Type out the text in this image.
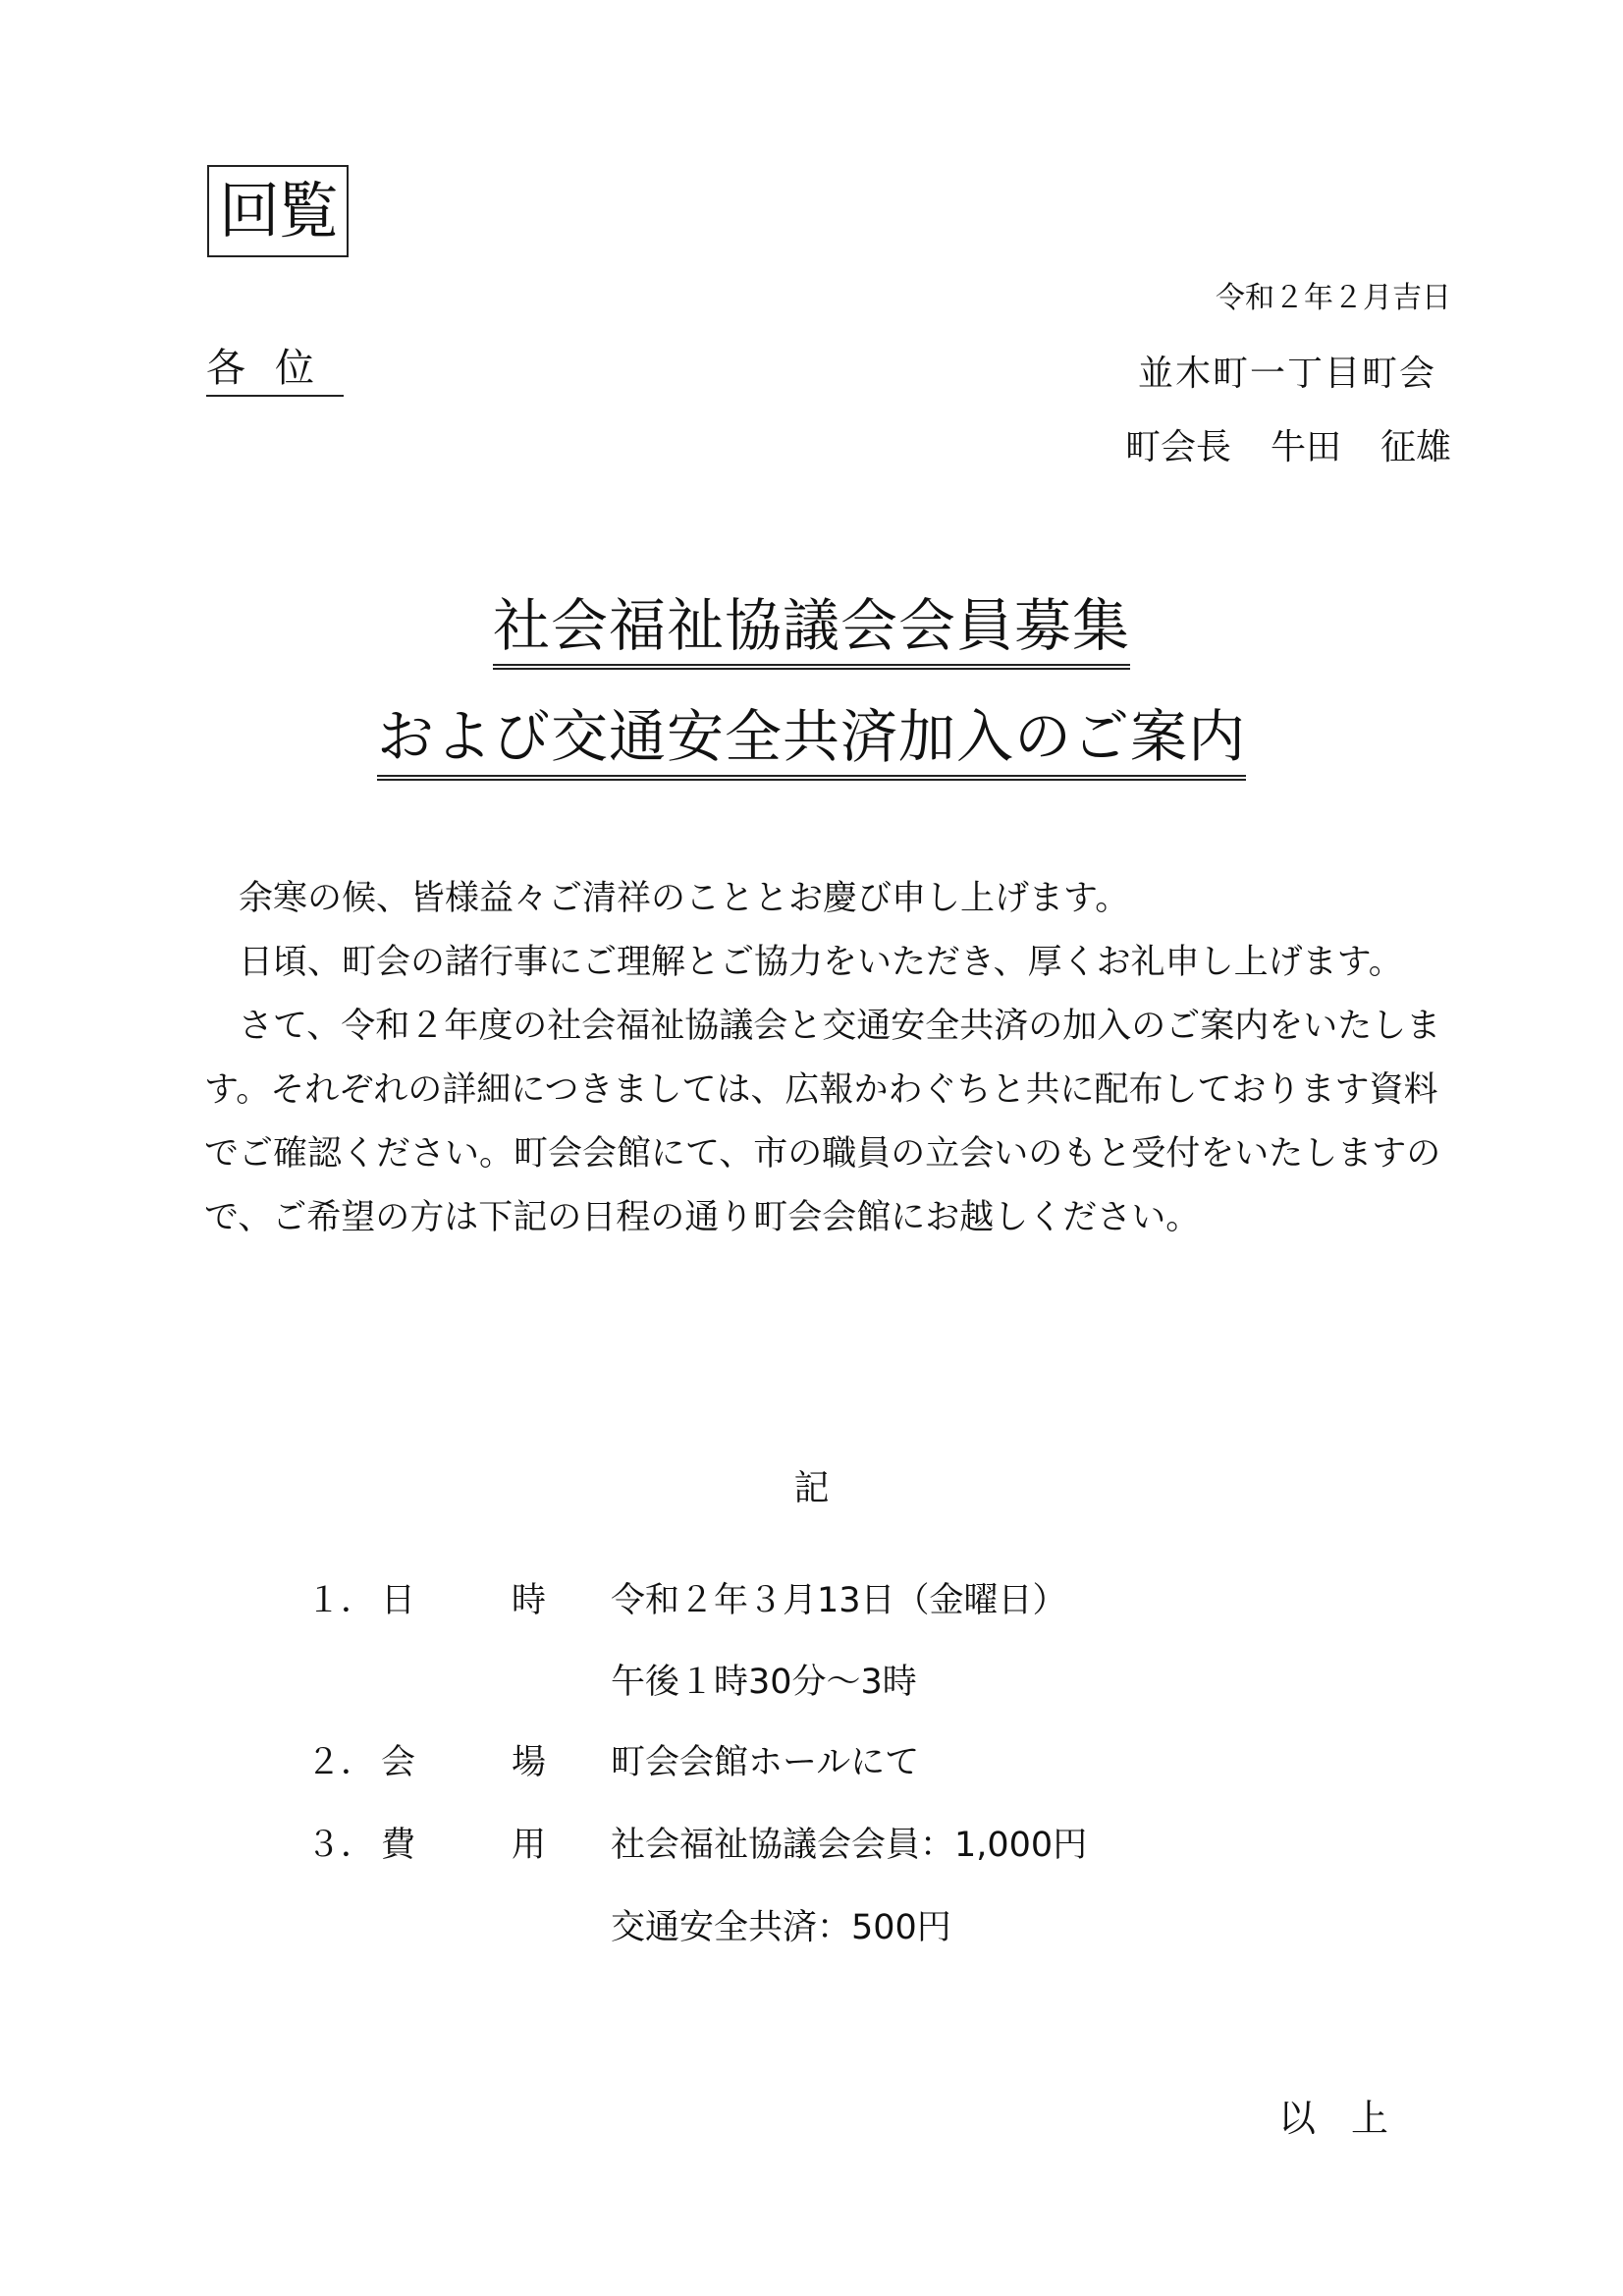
回覧
令和２年２月吉日
各位	並木町一丁目町会
町会長 牛田 征雄
社会福祉協議会会員募集
および交通安全共済加入のご案内

余寒の候、皆様益々ご清祥のこととお慶び申し上げます。

日頃、町会の諸行事にご理解とご協力をいただき、厚くお礼申し上げます。

さて、令和２年度の社会福祉協議会と交通安全共済の加入のご案内をいたします。それぞれの詳細につきましては、広報かわぐちと共に配布しております資料でご確認ください。町会会館にて、市の職員の立会いのもと受付をいたしますので、ご希望の方は下記の日程の通り町会会館にお越しください。

記
１． 日時
令和２年３月13日（金曜日）
午後１時30分～3時
２． 会場
町会会館ホールにて
３． 費用
社会福祉協議会会員：1,000円
交通安全共済：500円
以上
